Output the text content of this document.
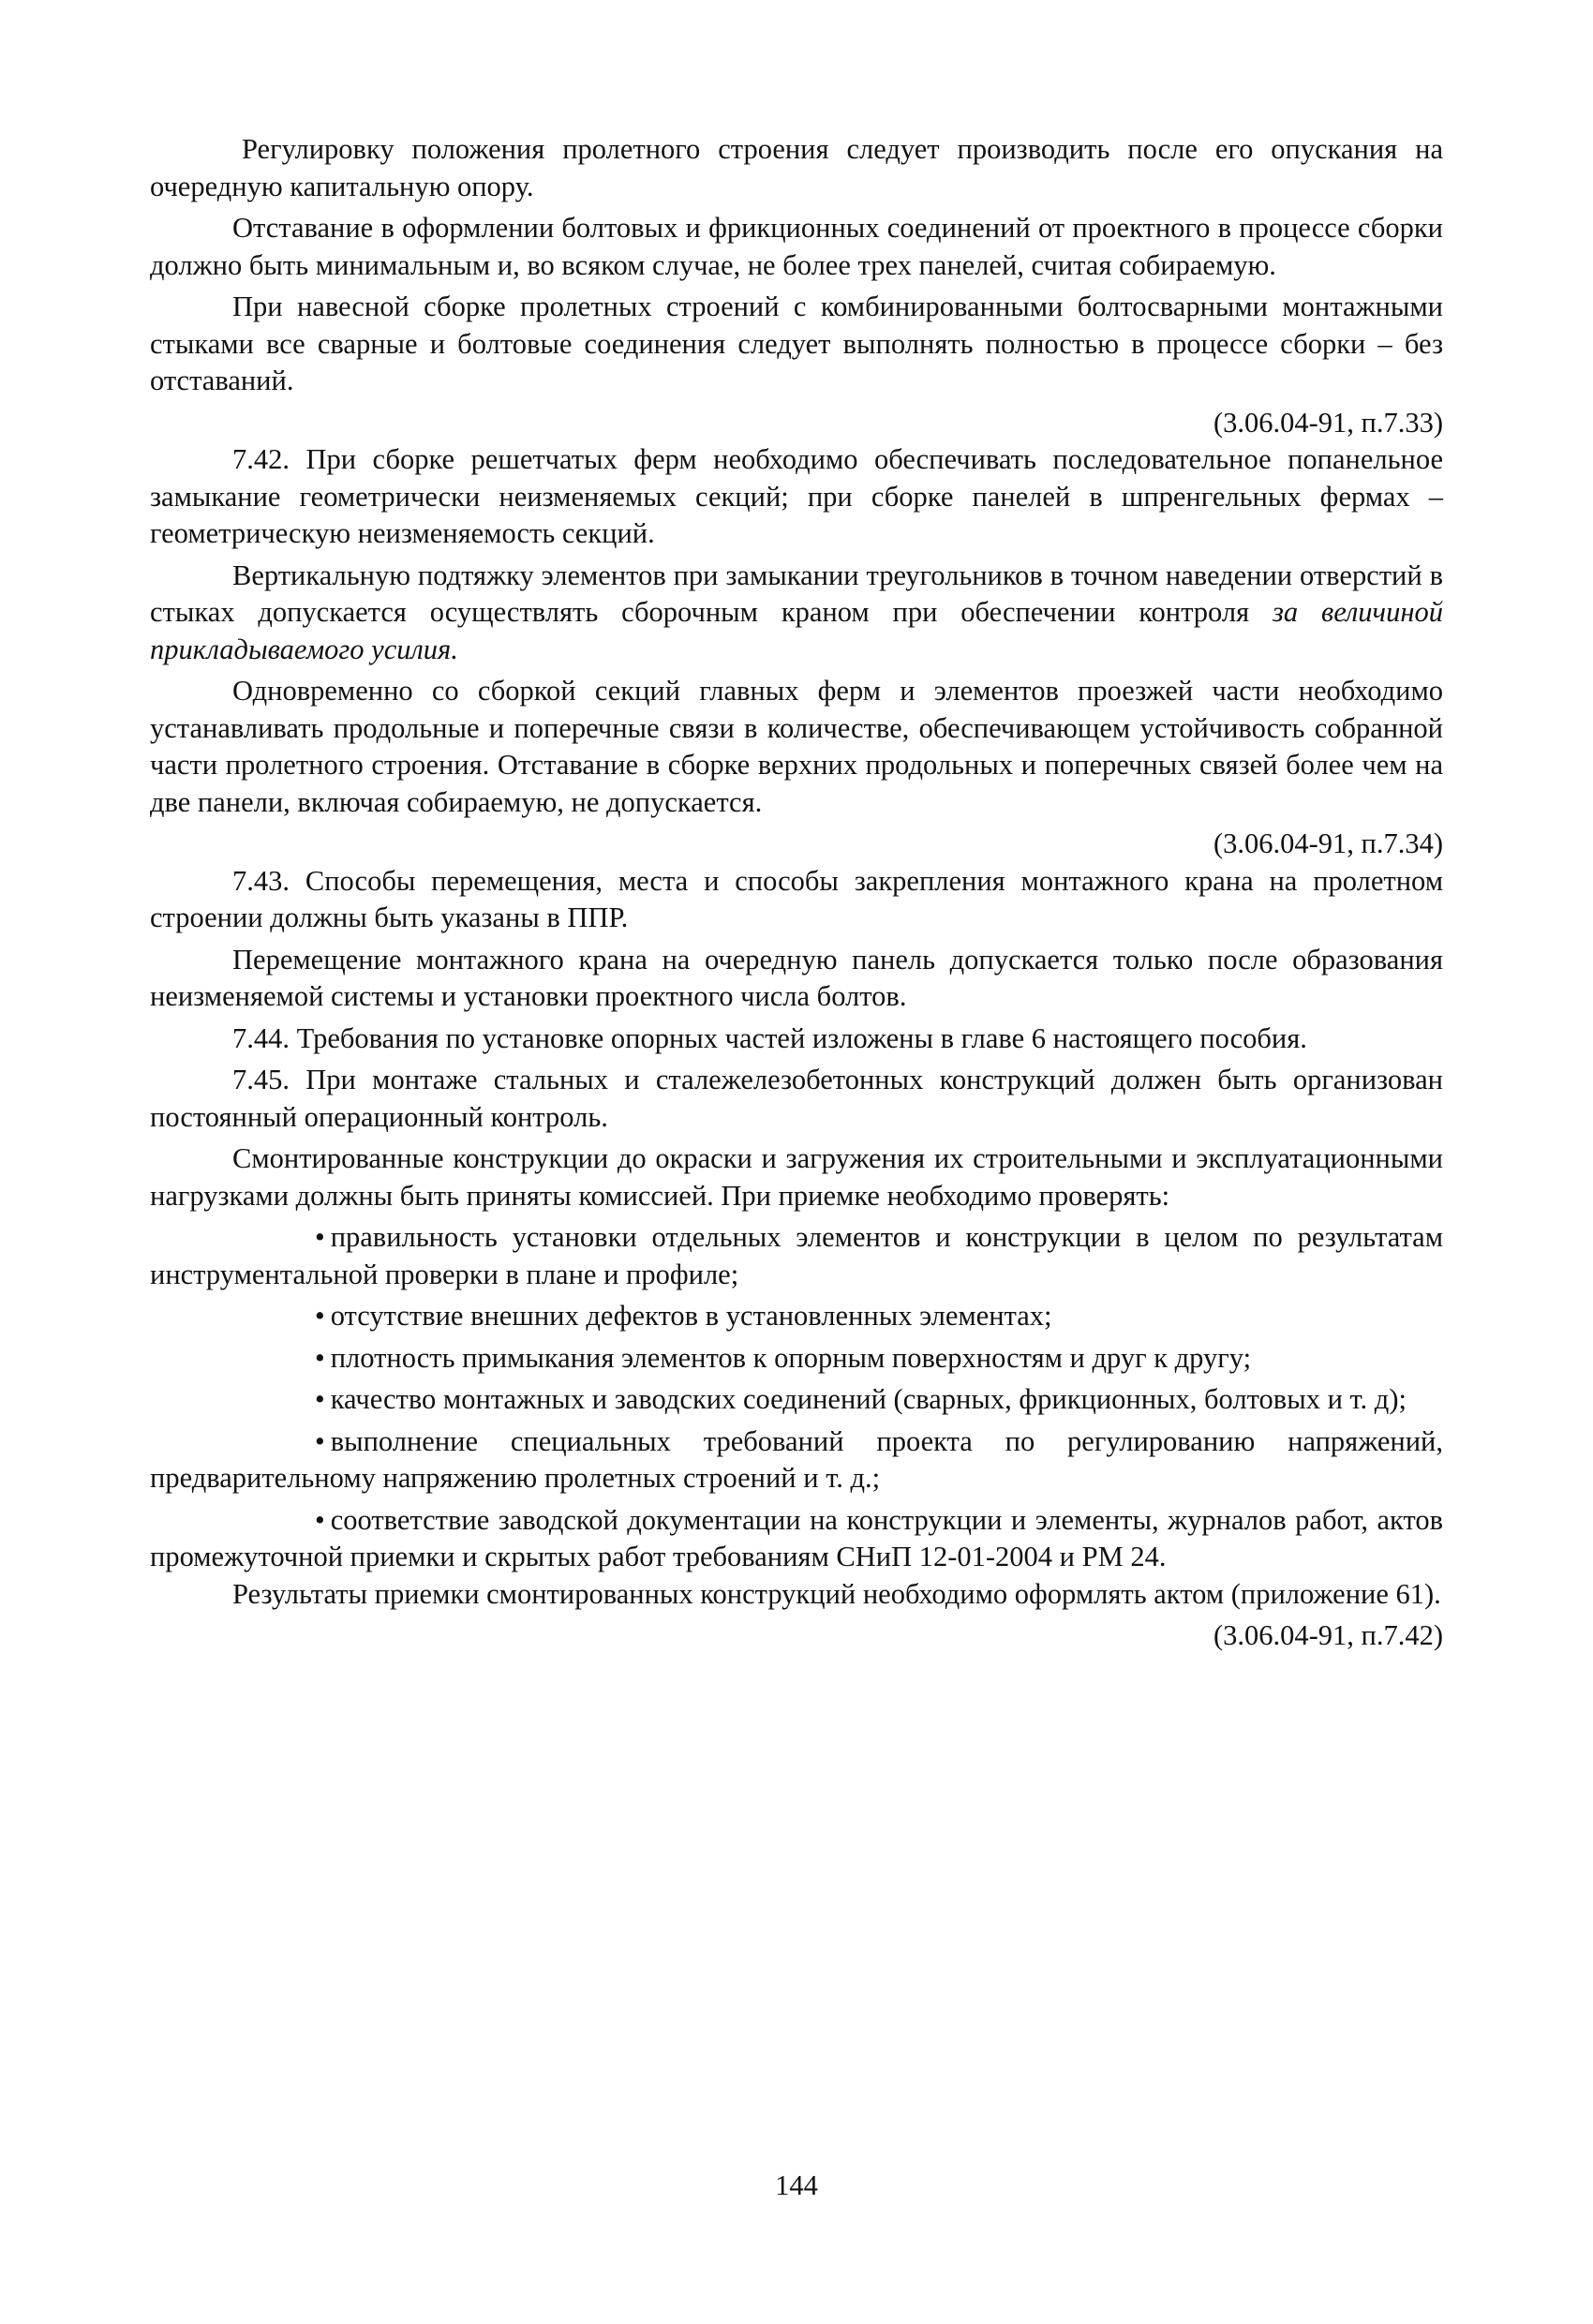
Регулировку положения пролетного строения следует производить после его опускания на очередную капитальную опору.

Отставание в оформлении болтовых и фрикционных соединений от проектного в процессе сборки должно быть минимальным и, во всяком случае, не более трех панелей, считая собираемую.

При навесной сборке пролетных строений с комбинированными болтосварными монтажными стыками все сварные и болтовые соединения следует выполнять полностью в процессе сборки – без отставаний.

(3.06.04-91, п.7.33)

7.42. При сборке решетчатых ферм необходимо обеспечивать последовательное попанельное замыкание геометрически неизменяемых секций; при сборке панелей в шпренгельных фермах – геометрическую неизменяемость секций.

Вертикальную подтяжку элементов при замыкании треугольников в точном наведении отверстий в стыках допускается осуществлять сборочным краном при обеспечении контроля за величиной прикладываемого усилия.

Одновременно со сборкой секций главных ферм и элементов проезжей части необходимо устанавливать продольные и поперечные связи в количестве, обеспечивающем устойчивость собранной части пролетного строения. Отставание в сборке верхних продольных и поперечных связей более чем на две панели, включая собираемую, не допускается.

(3.06.04-91, п.7.34)

7.43. Способы перемещения, места и способы закрепления монтажного крана на пролетном строении должны быть указаны в ППР.

Перемещение монтажного крана на очередную панель допускается только после образования неизменяемой системы и установки проектного числа болтов.

7.44. Требования по установке опорных частей изложены в главе 6 настоящего пособия.

7.45. При монтаже стальных и сталежелезобетонных конструкций должен быть организован постоянный операционный контроль.

Смонтированные конструкции до окраски и загружения их строительными и эксплуатационными нагрузками должны быть приняты комиссией. При приемке необходимо проверять:

• правильность установки отдельных элементов и конструкции в целом по результатам инструментальной проверки в плане и профиле;

• отсутствие внешних дефектов в установленных элементах;

• плотность примыкания элементов к опорным поверхностям и друг к другу;

• качество монтажных и заводских соединений (сварных, фрикционных, болтовых и т. д);

• выполнение специальных требований проекта по регулированию напряжений, предварительному напряжению пролетных строений и т. д.;

• соответствие заводской документации на конструкции и элементы, журналов работ, актов промежуточной приемки и скрытых работ требованиям СНиП 12-01-2004 и РМ 24.

Результаты приемки смонтированных конструкций необходимо оформлять актом (приложение 61).

(3.06.04-91, п.7.42)

144
